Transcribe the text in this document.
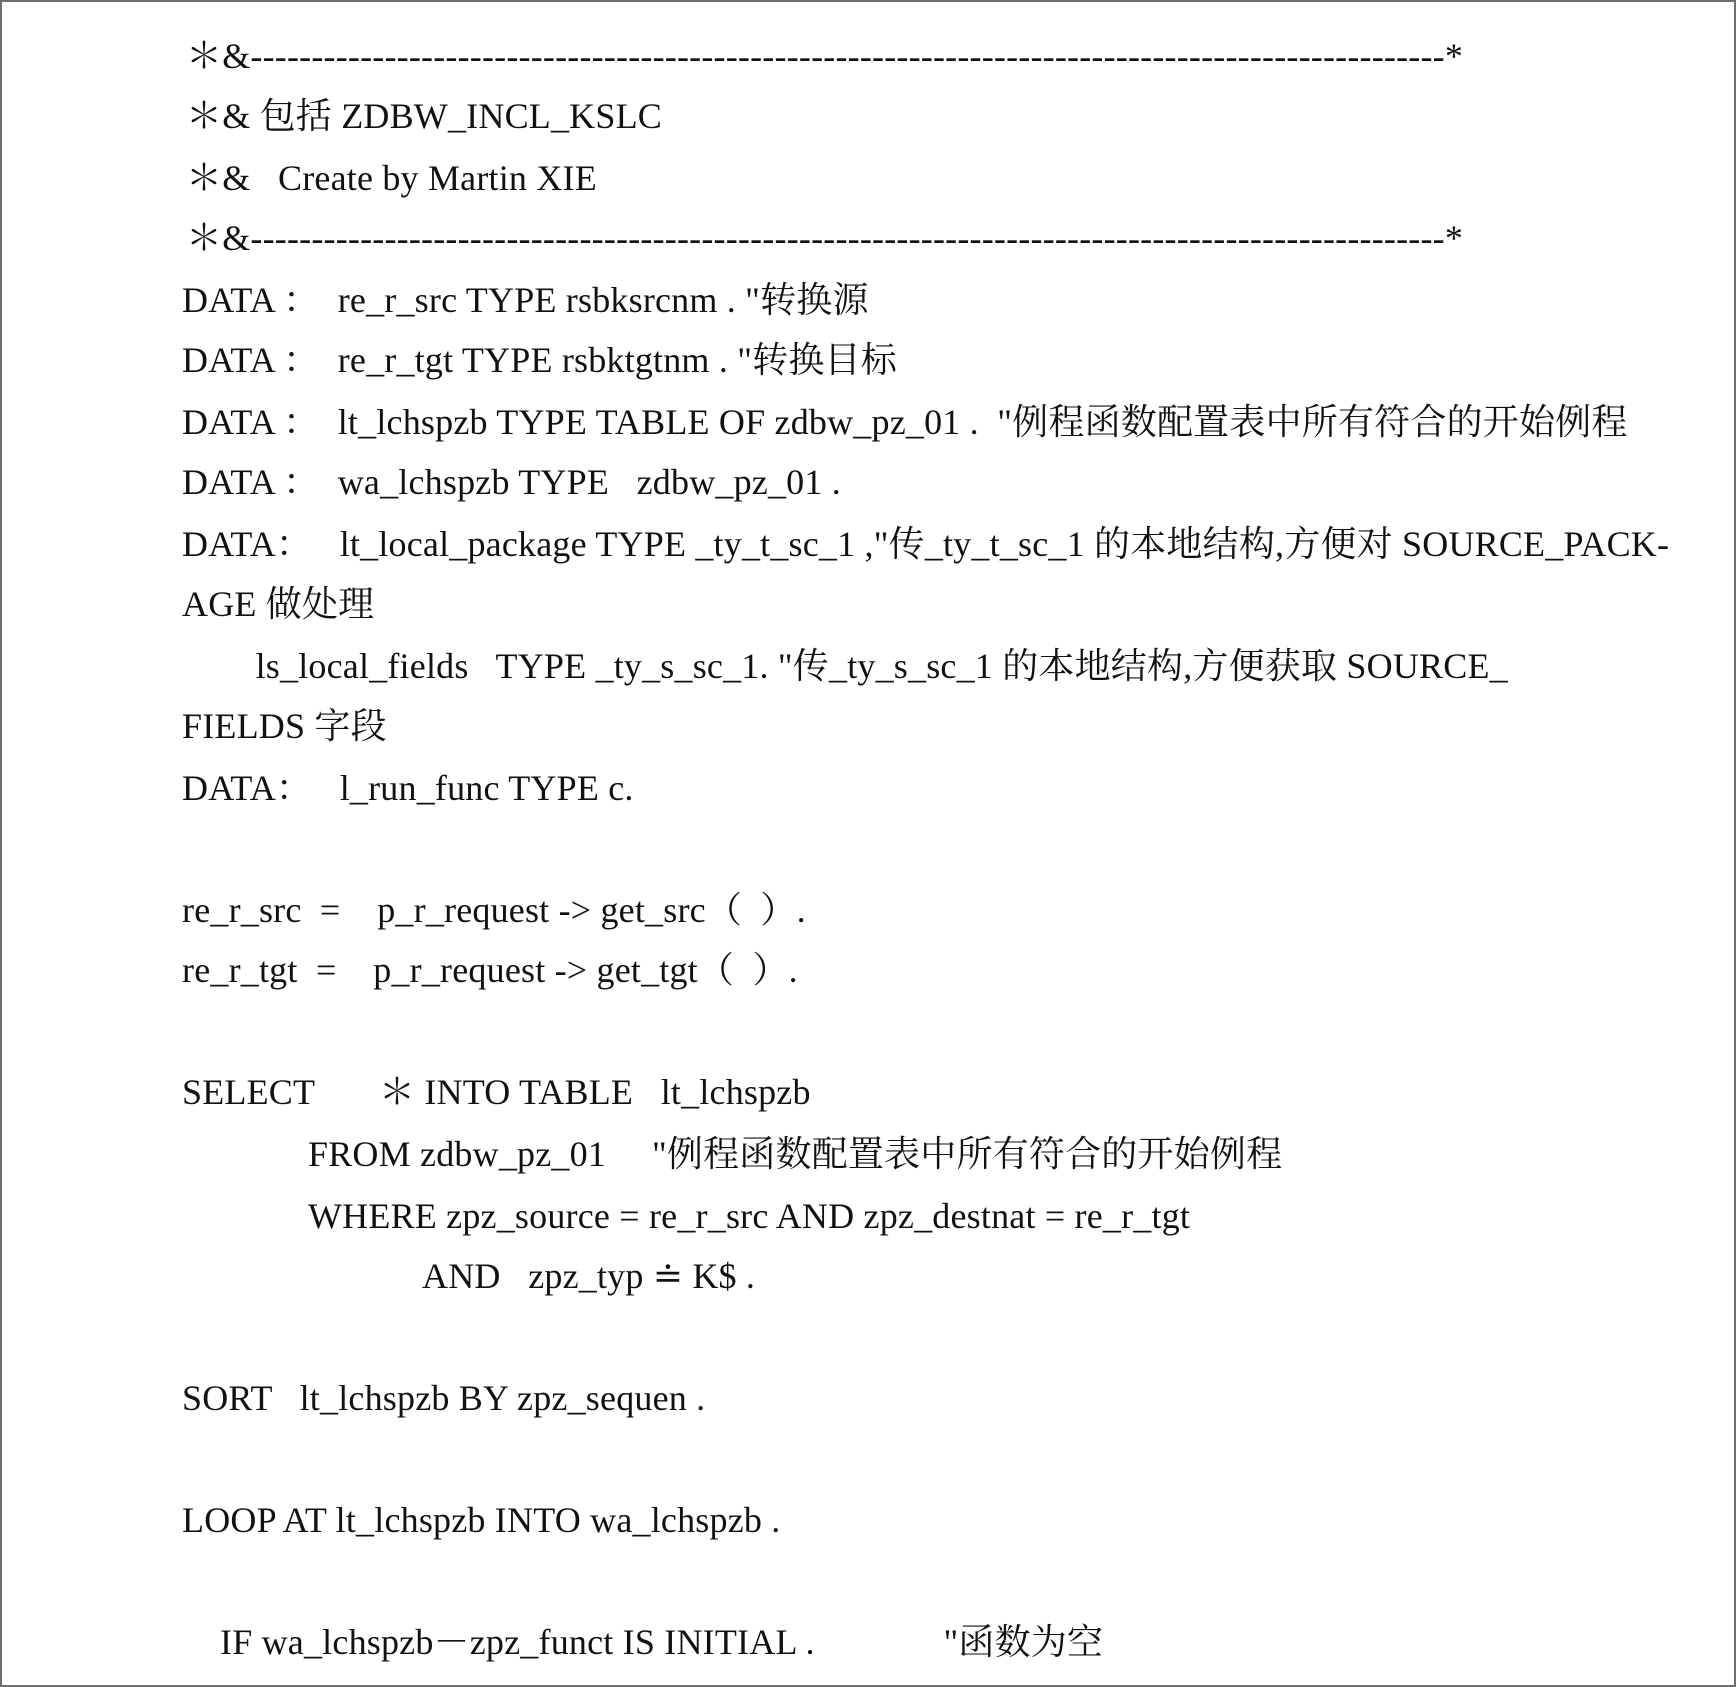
＊&--------------------------------------------------------------------------------------------------*
＊& 包括 ZDBW_INCL_KSLC
＊&   Create by Martin XIE
＊&--------------------------------------------------------------------------------------------------*
DATA ：  re_r_src TYPE rsbksrcnm . "转换源
DATA ：  re_r_tgt TYPE rsbktgtnm . "转换目标
DATA ：  lt_lchspzb TYPE TABLE OF zdbw_pz_01 .  "例程函数配置表中所有符合的开始例程
DATA ：  wa_lchspzb TYPE   zdbw_pz_01 .
DATA：   lt_local_package TYPE _ty_t_sc_1 ,"传_ty_t_sc_1 的本地结构,方便对 SOURCE_PACK-
AGE 做处理
ls_local_fields   TYPE _ty_s_sc_1. "传_ty_s_sc_1 的本地结构,方便获取 SOURCE_
FIELDS 字段
DATA：   l_run_func TYPE c.
re_r_src  =    p_r_request -> get_src（  ）.
re_r_tgt  =    p_r_request -> get_tgt（  ）.
SELECT       ＊ INTO TABLE   lt_lchspzb
FROM zdbw_pz_01     "例程函数配置表中所有符合的开始例程
WHERE zpz_source = re_r_src AND zpz_destnat = re_r_tgt
AND   zpz_typ ≐ K$ .
SORT   lt_lchspzb BY zpz_sequen .
LOOP AT lt_lchspzb INTO wa_lchspzb .
IF wa_lchspzb－zpz_funct IS INITIAL .              "函数为空
